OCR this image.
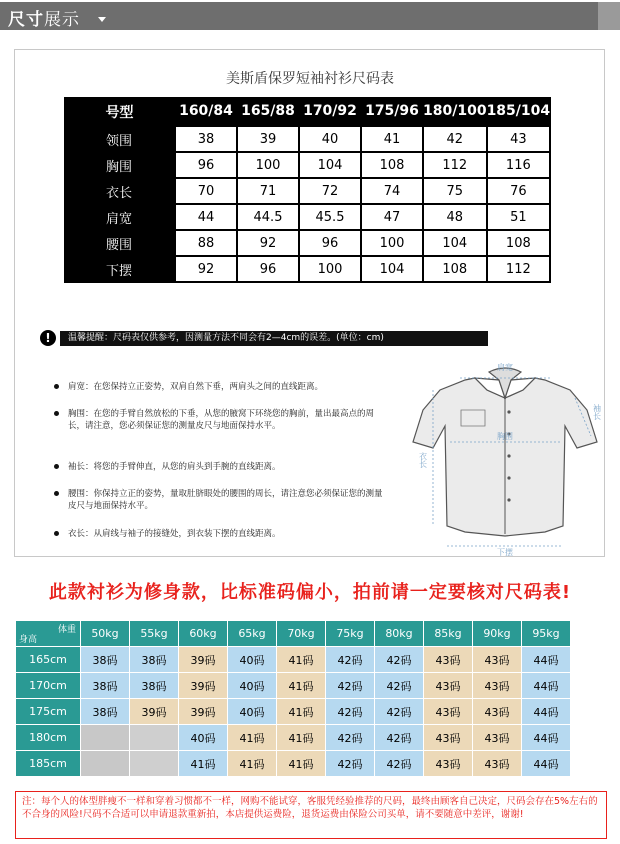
尺寸展示
美斯盾保罗短袖衬衫尺码表
号型	160/84	165/88	170/92	175/96	180/100	185/104
领围	38	39	40	41	42	43
胸围	96	100	104	108	112	116
衣长	70	71	72	74	75	76
肩宽	44	44.5	45.5	47	48	51
腰围	88	92	96	100	104	108
下摆	92	96	100	104	108	112
!	温馨提醒：尺码表仅供参考，因测量方法不同会有2—4cm的误差。(单位：cm)
肩宽：在您保持立正姿势，双肩自然下垂，两肩头之间的直线距离。
胸围：在您的手臂自然放松的下垂，从您的腋窝下环绕您的胸前，量出最高点的周长，请注意，您必须保证您的测量皮尺与地面保持水平。
袖长：将您的手臂伸直，从您的肩头到手腕的直线距离。
腰围：你保持立正的姿势，量取肚脐眼处的腰围的周长，请注意您必须保证您的测量皮尺与地面保持水平。
衣长：从肩线与袖子的接缝处，到衣装下摆的直线距离。
肩宽
胸围
下摆
衣长
袖长
此款衬衫为修身款，比标准码偏小，拍前请一定要核对尺码表!
体重
身高	50kg	55kg	60kg	65kg	70kg	75kg	80kg	85kg	90kg	95kg
165cm	38码	38码	39码	40码	41码	42码	42码	43码	43码	44码
170cm	38码	38码	39码	40码	41码	42码	42码	43码	43码	44码
175cm	38码	39码	39码	40码	41码	42码	42码	43码	43码	44码
180cm			40码	41码	41码	42码	42码	43码	43码	44码
185cm			41码	41码	41码	42码	42码	43码	43码	44码
注：每个人的体型胖瘦不一样和穿着习惯都不一样，网购不能试穿，客服凭经验推荐的尺码，最终由顾客自己决定，尺码会存在5%左右的不合身的风险!尺码不合适可以申请退款重新拍，本店提供运费险，退货运费由保险公司买单，请不要随意中差评，谢谢!
